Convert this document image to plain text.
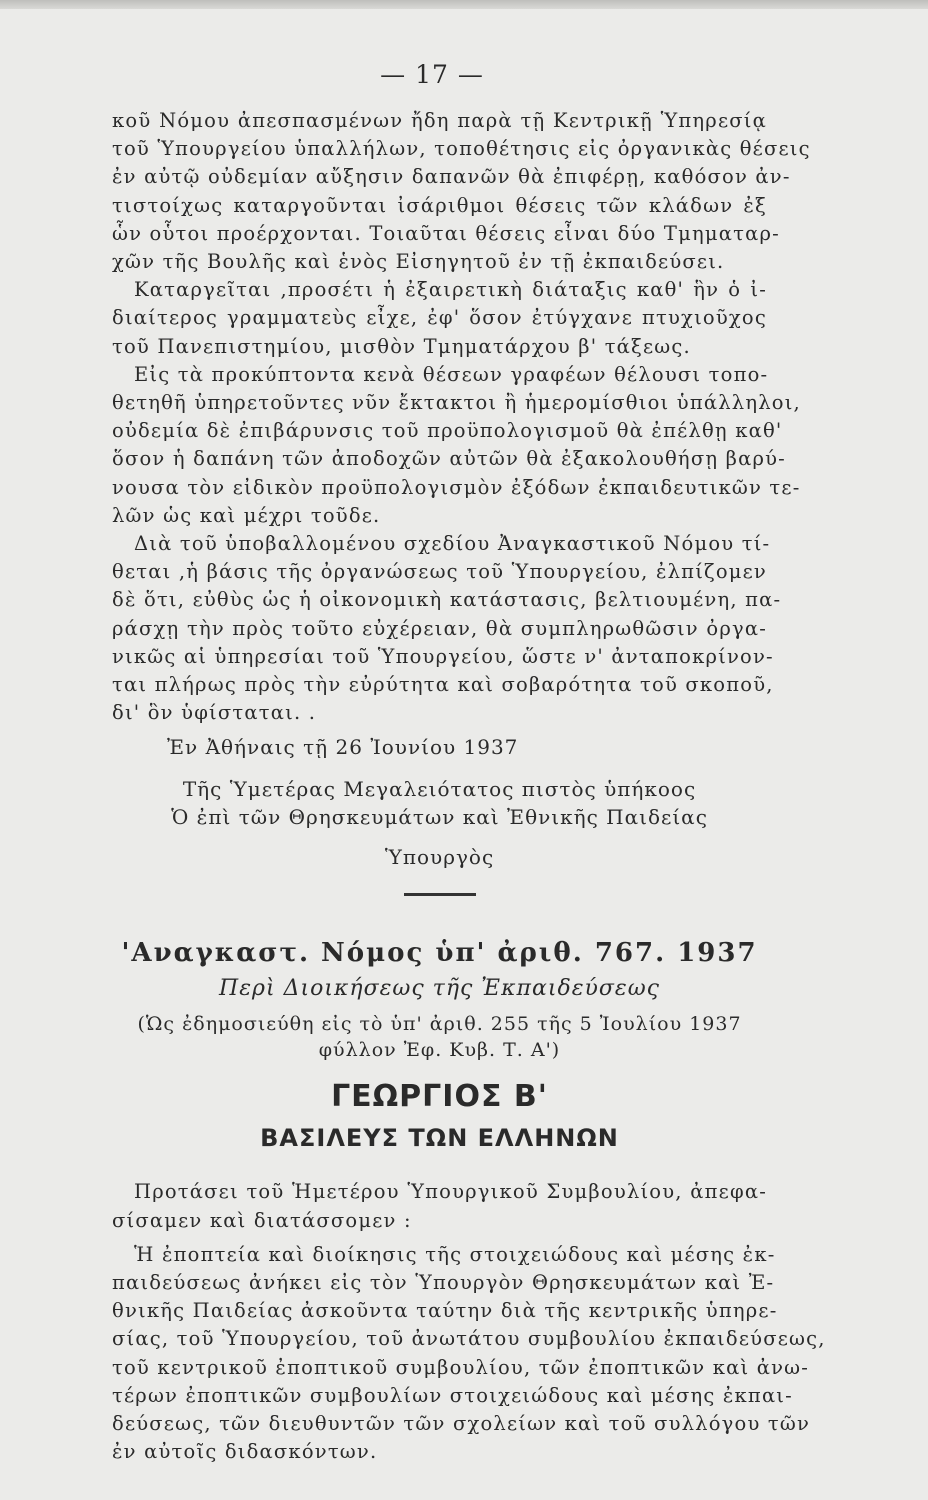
— 17 —
κοῦ Νόμου ἀπεσπασμένων ἤδη παρὰ τῇ Κεντρικῇ Ὑπηρεσίᾳ
τοῦ Ὑπουργείου ὑπαλλήλων, τοποθέτησις εἰς ὀργανικὰς θέσεις
ἐν αὐτῷ οὐδεμίαν αὔξησιν δαπανῶν θὰ ἐπιφέρῃ, καθόσον ἀν-
τιστοίχως καταργοῦνται ἰσάριθμοι θέσεις τῶν κλάδων ἐξ
ὧν οὗτοι προέρχονται. Τοιαῦται θέσεις εἶναι δύο Τμηματαρ-
χῶν τῆς Βουλῆς καὶ ἑνὸς Εἰσηγητοῦ ἐν τῇ ἐκπαιδεύσει.
Καταργεῖται ,προσέτι ἡ ἐξαιρετικὴ διάταξις καθ' ἣν ὁ ἰ-
διαίτερος γραμματεὺς εἶχε, ἐφ' ὅσον ἐτύγχανε πτυχιοῦχος
τοῦ Πανεπιστημίου, μισθὸν Τμηματάρχου β' τάξεως.
Εἰς τὰ προκύπτοντα κενὰ θέσεων γραφέων θέλουσι τοπο-
θετηθῆ ὑπηρετοῦντες νῦν ἔκτακτοι ἢ ἡμερομίσθιοι ὑπάλληλοι,
οὐδεμία δὲ ἐπιβάρυνσις τοῦ προϋπολογισμοῦ θὰ ἐπέλθῃ καθ'
ὅσον ἡ δαπάνη τῶν ἀποδοχῶν αὐτῶν θὰ ἐξακολουθήσῃ βαρύ-
νουσα τὸν εἰδικὸν προϋπολογισμὸν ἐξόδων ἐκπαιδευτικῶν τε-
λῶν ὡς καὶ μέχρι τοῦδε.
Διὰ τοῦ ὑποβαλλομένου σχεδίου Ἀναγκαστικοῦ Νόμου τί-
θεται ,ἡ βάσις τῆς ὀργανώσεως τοῦ Ὑπουργείου, ἐλπίζομεν
δὲ ὅτι, εὐθὺς ὡς ἡ οἰκονομικὴ κατάστασις, βελτιουμένη, πα-
ράσχῃ τὴν πρὸς τοῦτο εὐχέρειαν, θὰ συμπληρωθῶσιν ὀργα-
νικῶς αἱ ὑπηρεσίαι τοῦ Ὑπουργείου, ὥστε ν' ἀνταποκρίνον-
ται πλήρως πρὸς τὴν εὐρύτητα καὶ σοβαρότητα τοῦ σκοποῦ,
δι' ὃν ὑφίσταται. .
Ἐν Ἀθήναις τῇ 26 Ἰουνίου 1937
Τῆς Ὑμετέρας Μεγαλειότατος πιστὸς ὑπήκοος
Ὁ ἐπὶ τῶν Θρησκευμάτων καὶ Ἐθνικῆς Παιδείας
Ὑπουργὸς
'Αναγκαστ. Νόμος ὑπ' ἀριθ. 767. 1937
Περὶ Διοικήσεως τῆς Ἐκπαιδεύσεως
(Ὡς ἐδημοσιεύθη εἰς τὸ ὑπ' ἀριθ. 255 τῆς 5 Ἰουλίου 1937
φύλλον Ἐφ. Κυβ. Τ. Α')
ΓΕΩΡΓΙΟΣ Β'
ΒΑΣΙΛΕΥΣ ΤΩΝ ΕΛΛΗΝΩΝ
Προτάσει τοῦ Ἡμετέρου Ὑπουργικοῦ Συμβουλίου, ἀπεφα-
σίσαμεν καὶ διατάσσομεν :
Ἡ ἐποπτεία καὶ διοίκησις τῆς στοιχειώδους καὶ μέσης ἐκ-
παιδεύσεως ἀνήκει εἰς τὸν Ὑπουργὸν Θρησκευμάτων καὶ Ἐ-
θνικῆς Παιδείας ἀσκοῦντα ταύτην διὰ τῆς κεντρικῆς ὑπηρε-
σίας, τοῦ Ὑπουργείου, τοῦ ἀνωτάτου συμβουλίου ἐκπαιδεύσεως,
τοῦ κεντρικοῦ ἐποπτικοῦ συμβουλίου, τῶν ἐποπτικῶν καὶ ἀνω-
τέρων ἐποπτικῶν συμβουλίων στοιχειώδους καὶ μέσης ἐκπαι-
δεύσεως, τῶν διευθυντῶν τῶν σχολείων καὶ τοῦ συλλόγου τῶν
ἐν αὐτοῖς διδασκόντων.
